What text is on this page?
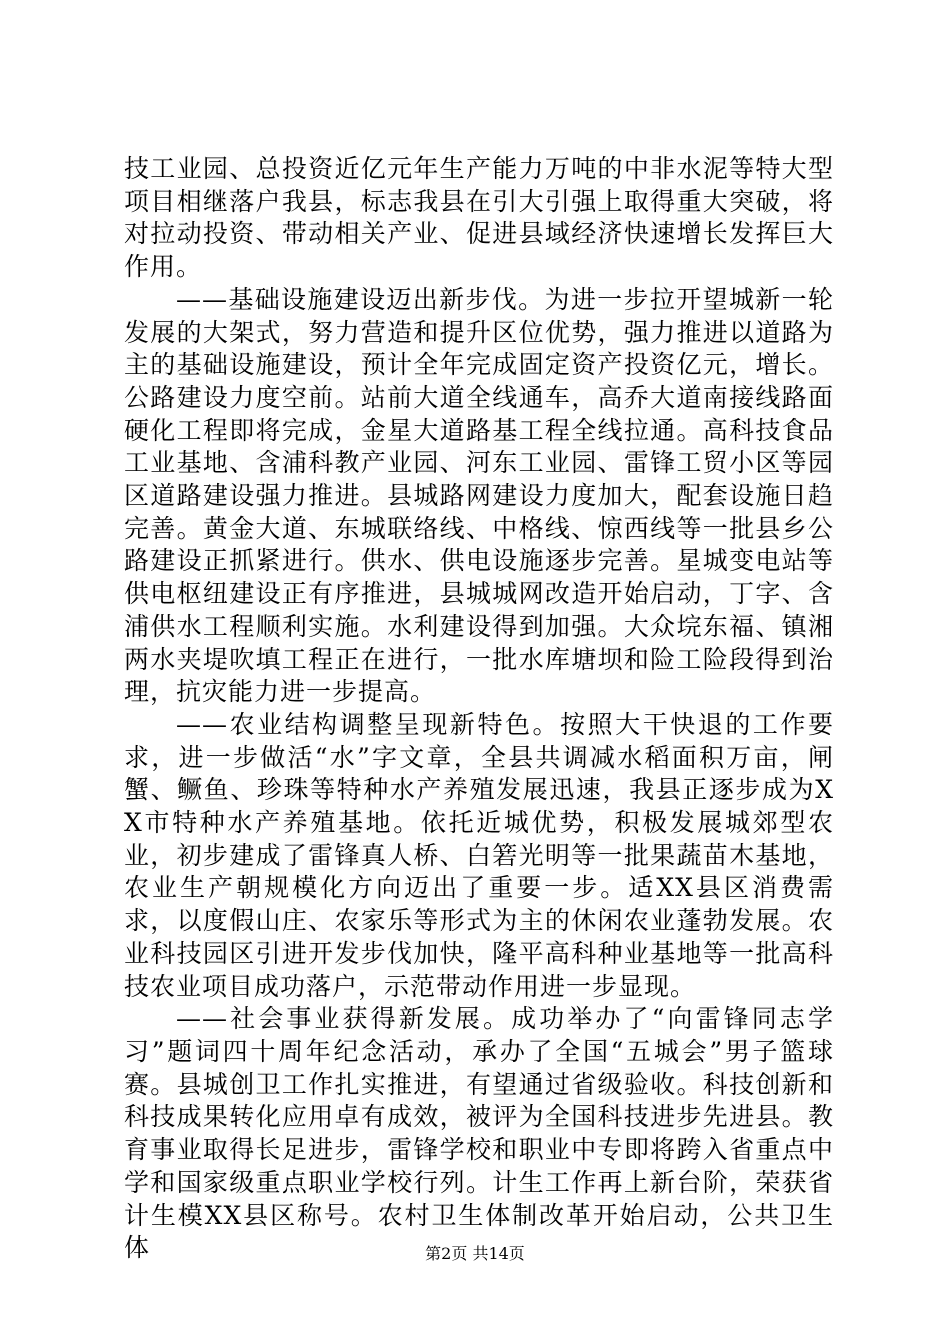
技工业园、总投资近亿元年生产能力万吨的中非水泥等特大型项目相继落户我县，标志我县在引大引强上取得重大突破，将对拉动投资、带动相关产业、促进县域经济快速增长发挥巨大作用。

——基础设施建设迈出新步伐。为进一步拉开望城新一轮发展的大架式，努力营造和提升区位优势，强力推进以道路为主的基础设施建设，预计全年完成固定资产投资亿元，增长。公路建设力度空前。站前大道全线通车，高乔大道南接线路面硬化工程即将完成，金星大道路基工程全线拉通。高科技食品工业基地、含浦科教产业园、河东工业园、雷锋工贸小区等园区道路建设强力推进。县城路网建设力度加大，配套设施日趋完善。黄金大道、东城联络线、中格线、惊西线等一批县乡公路建设正抓紧进行。供水、供电设施逐步完善。星城变电站等供电枢纽建设正有序推进，县城城网改造开始启动，丁字、含浦供水工程顺利实施。水利建设得到加强。大众垸东福、镇湘两水夹堤吹填工程正在进行，一批水库塘坝和险工险段得到治理，抗灾能力进一步提高。

——农业结构调整呈现新特色。按照大干快退的工作要求，进一步做活“水”字文章，全县共调减水稻面积万亩，闸蟹、鳜鱼、珍珠等特种水产养殖发展迅速，我县正逐步成为XX市特种水产养殖基地。依托近城优势，积极发展城郊型农业，初步建成了雷锋真人桥、白箬光明等一批果蔬苗木基地，农业生产朝规模化方向迈出了重要一步。适XX县区消费需求，以度假山庄、农家乐等形式为主的休闲农业蓬勃发展。农业科技园区引进开发步伐加快，隆平高科种业基地等一批高科技农业项目成功落户，示范带动作用进一步显现。

——社会事业获得新发展。成功举办了“向雷锋同志学习”题词四十周年纪念活动，承办了全国“五城会”男子篮球赛。县城创卫工作扎实推进，有望通过省级验收。科技创新和科技成果转化应用卓有成效，被评为全国科技进步先进县。教育事业取得长足进步，雷锋学校和职业中专即将跨入省重点中学和国家级重点职业学校行列。计生工作再上新台阶，荣获省计生模XX县区称号。农村卫生体制改革开始启动，公共卫生体	第2页 共14页
